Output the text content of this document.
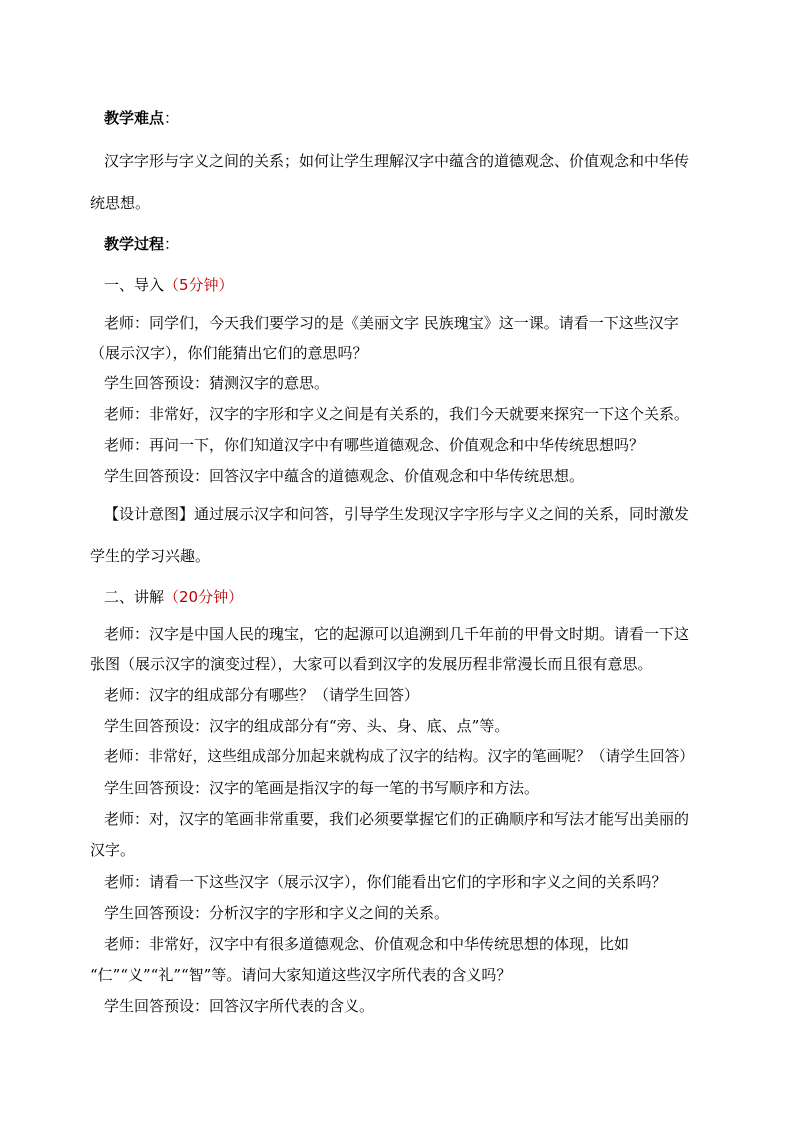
教学难点：
汉字字形与字义之间的关系；如何让学生理解汉字中蕴含的道德观念、价值观念和中华传
统思想。
教学过程：
一、导入（5分钟）
老师：同学们，今天我们要学习的是《美丽文字 民族瑰宝》这一课。请看一下这些汉字
（展示汉字），你们能猜出它们的意思吗？
学生回答预设：猜测汉字的意思。
老师：非常好，汉字的字形和字义之间是有关系的，我们今天就要来探究一下这个关系。
老师：再问一下，你们知道汉字中有哪些道德观念、价值观念和中华传统思想吗？
学生回答预设：回答汉字中蕴含的道德观念、价值观念和中华传统思想。
【设计意图】通过展示汉字和问答，引导学生发现汉字字形与字义之间的关系，同时激发
学生的学习兴趣。
二、讲解（20分钟）
老师：汉字是中国人民的瑰宝，它的起源可以追溯到几千年前的甲骨文时期。请看一下这
张图（展示汉字的演变过程），大家可以看到汉字的发展历程非常漫长而且很有意思。
老师：汉字的组成部分有哪些？（请学生回答）
学生回答预设：汉字的组成部分有“旁、头、身、底、点”等。
老师：非常好，这些组成部分加起来就构成了汉字的结构。汉字的笔画呢？（请学生回答）
学生回答预设：汉字的笔画是指汉字的每一笔的书写顺序和方法。
老师：对，汉字的笔画非常重要，我们必须要掌握它们的正确顺序和写法才能写出美丽的
汉字。
老师：请看一下这些汉字（展示汉字），你们能看出它们的字形和字义之间的关系吗？
学生回答预设：分析汉字的字形和字义之间的关系。
老师：非常好，汉字中有很多道德观念、价值观念和中华传统思想的体现，比如
“仁”“义”“礼”“智”等。请问大家知道这些汉字所代表的含义吗？
学生回答预设：回答汉字所代表的含义。
